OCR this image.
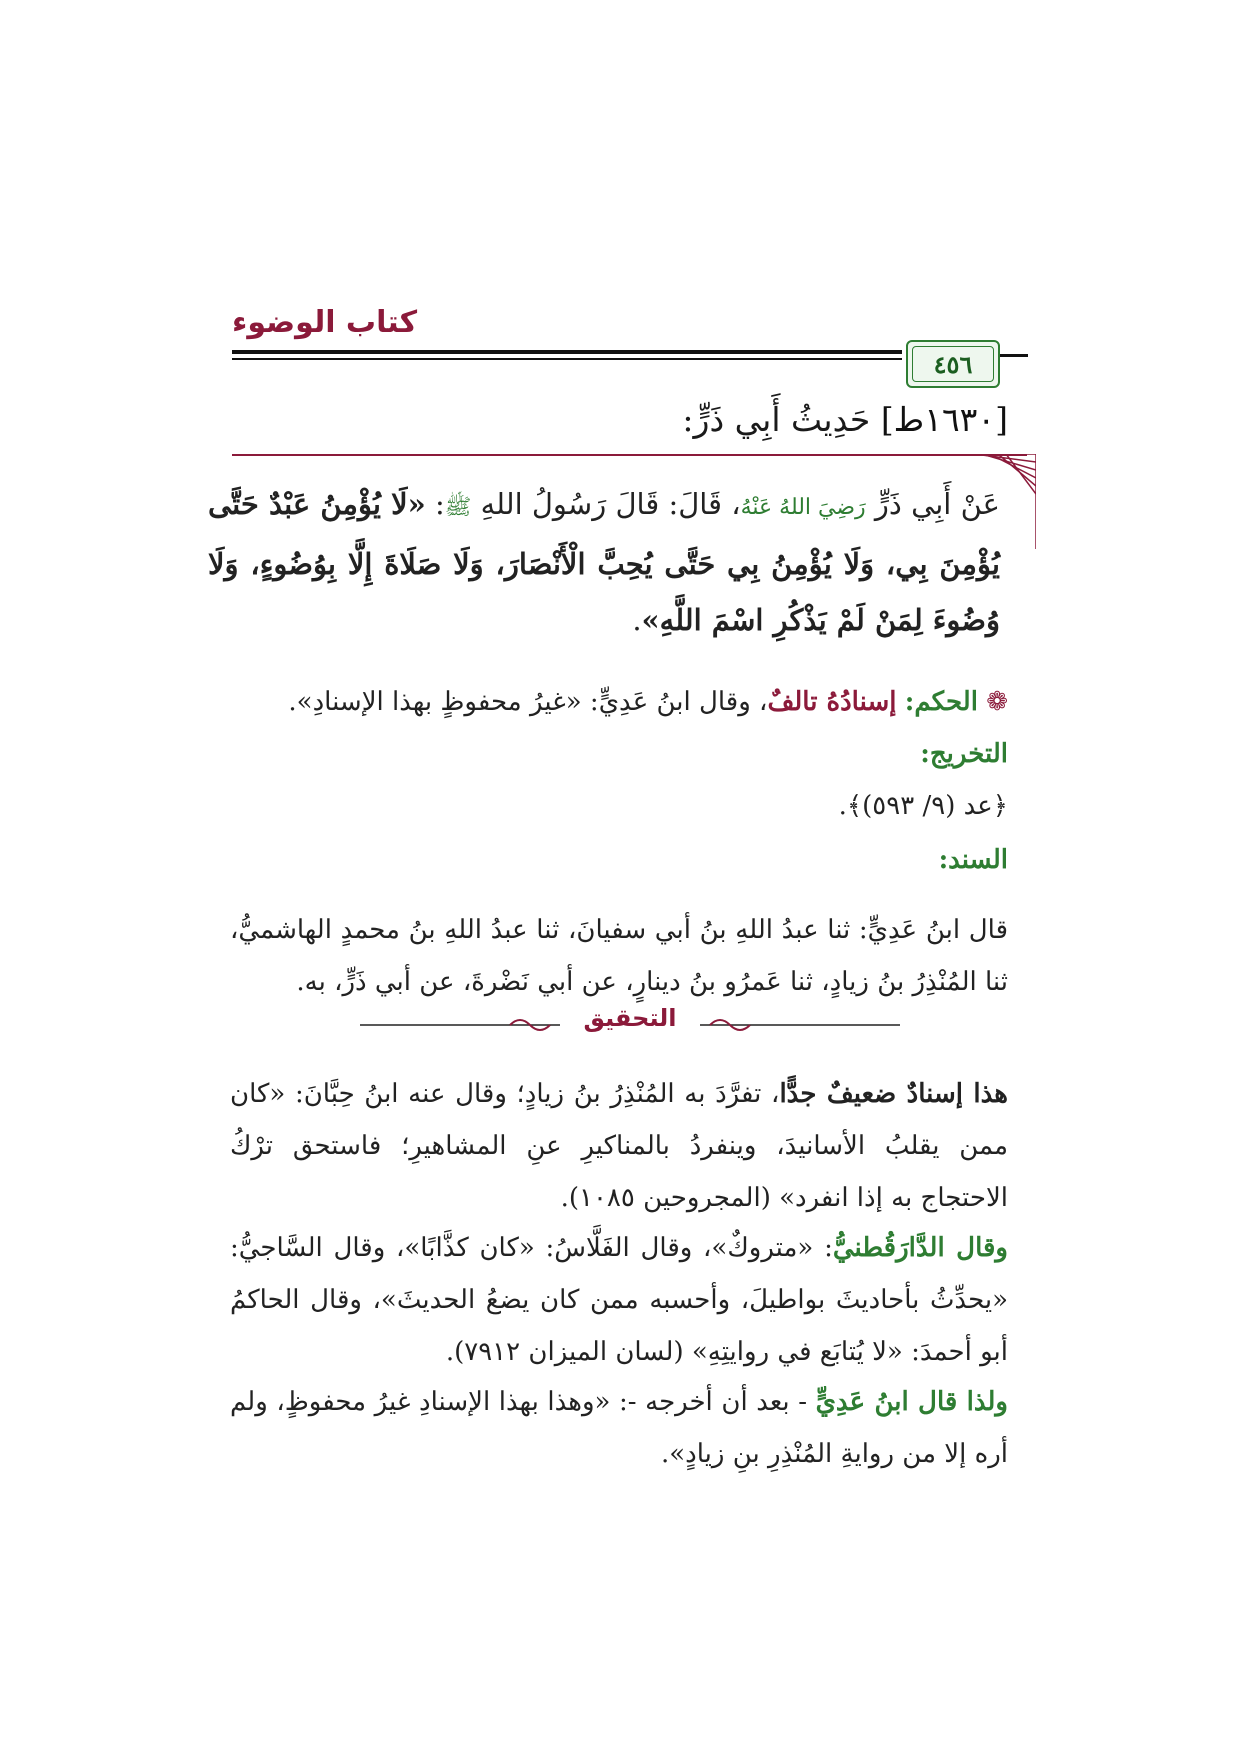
كتاب الوضوء
٤٥٦
[١٦٣٠ط] حَدِيثُ أَبِي ذَرٍّ:
عَنْ أَبِي ذَرٍّ رَضِيَ اللهُ عَنْهُ، قَالَ: قَالَ رَسُولُ اللهِ ﷺ: «لَا يُؤْمِنُ عَبْدٌ حَتَّى يُؤْمِنَ بِي، وَلَا يُؤْمِنُ بِي حَتَّى يُحِبَّ الْأَنْصَارَ، وَلَا صَلَاةَ إِلَّا بِوُضُوءٍ، وَلَا وُضُوءَ لِمَنْ لَمْ يَذْكُرِ اسْمَ اللَّهِ».
❁ الحكم: إسنادُهُ تالفٌ، وقال ابنُ عَدِيٍّ: «غيرُ محفوظٍ بهذا الإسنادِ».
التخريج:
﴿عد (٩/ ٥٩٣)﴾.
السند:
قال ابنُ عَدِيٍّ: ثنا عبدُ اللهِ بنُ أبي سفيانَ، ثنا عبدُ اللهِ بنُ محمدٍ الهاشميُّ، ثنا المُنْذِرُ بنُ زيادٍ، ثنا عَمرُو بنُ دينارٍ، عن أبي نَضْرةَ، عن أبي ذَرٍّ، به.
التحقيق
هذا إسنادٌ ضعيفٌ جدًّا، تفرَّدَ به المُنْذِرُ بنُ زيادٍ؛ وقال عنه ابنُ حِبَّانَ: «كان ممن يقلبُ الأسانيدَ، وينفردُ بالمناكيرِ عنِ المشاهيرِ؛ فاستحق ترْكُ الاحتجاج به إذا انفرد» (المجروحين ١٠٨٥).
وقال الدَّارَقُطنيُّ: «متروكٌ»، وقال الفَلَّاسُ: «كان كذَّابًا»، وقال السَّاجيُّ: «يحدِّثُ بأحاديثَ بواطيلَ، وأحسبه ممن كان يضعُ الحديثَ»، وقال الحاكمُ أبو أحمدَ: «لا يُتابَع في روايتِهِ» (لسان الميزان ٧٩١٢).
ولذا قال ابنُ عَدِيٍّ - بعد أن أخرجه -: «وهذا بهذا الإسنادِ غيرُ محفوظٍ، ولم أره إلا من روايةِ المُنْذِرِ بنِ زيادٍ».
